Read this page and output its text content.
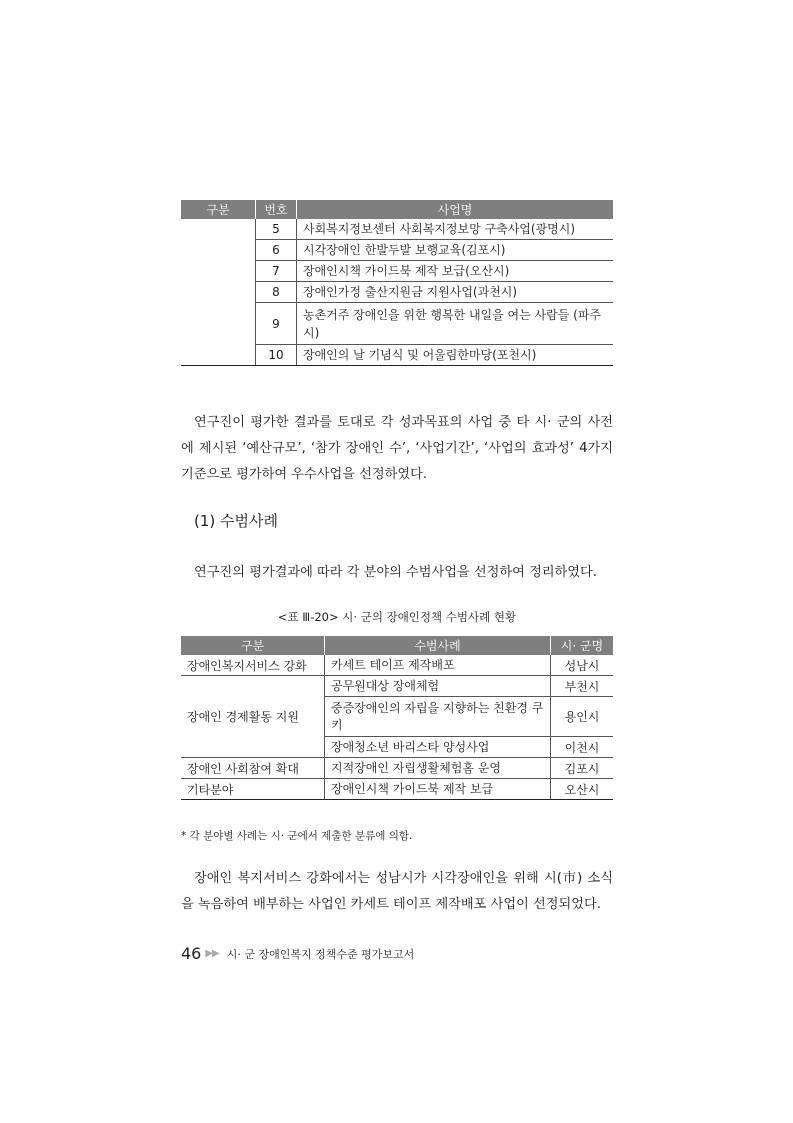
구분	번호	사업명
	5	사회복지정보센터 사회복지정보망 구축사업(광명시)
	6	시각장애인 한발두발 보행교육(김포시)
	7	장애인시책 가이드북 제작 보급(오산시)
	8	장애인가정 출산지원금 지원사업(과천시)
	9	농촌거주 장애인을 위한 행복한 내일을 여는 사람들 (파주시)
	10	장애인의 날 기념식 및 어울림한마당(포천시)

연구진이 평가한 결과를 토대로 각 성과목표의 사업 중 타 시· 군의 사전에 제시된 ‘예산규모’, ‘참가 장애인 수’, ‘사업기간’, ‘사업의 효과성’ 4가지 기준으로 평가하여 우수사업을 선정하였다.

(1) 수범사례

연구진의 평가결과에 따라 각 분야의 수범사업을 선정하여 정리하였다.

<표 Ⅲ-20> 시· 군의 장애인정책 수범사례 현황
구분	수범사례	시· 군명
장애인복지서비스 강화	카세트 테이프 제작배포	성남시
장애인 경제활동 지원	공무원대상 장애체험	부천시
	중증장애인의 자립을 지향하는 친환경 쿠키	용인시
	장애청소년 바리스타 양성사업	이천시
장애인 사회참여 확대	지적장애인 자립생활체험홈 운영	김포시
기타분야	장애인시책 가이드북 제작 보급	오산시
* 각 분야별 사례는 시· 군에서 제출한 분류에 의함.

장애인 복지서비스 강화에서는 성남시가 시각장애인을 위해 시(市) 소식을 녹음하여 배부하는 사업인 카세트 테이프 제작배포 사업이 선정되었다.

46 ▶▶ 시· 군 장애인복지 정책수준 평가보고서
